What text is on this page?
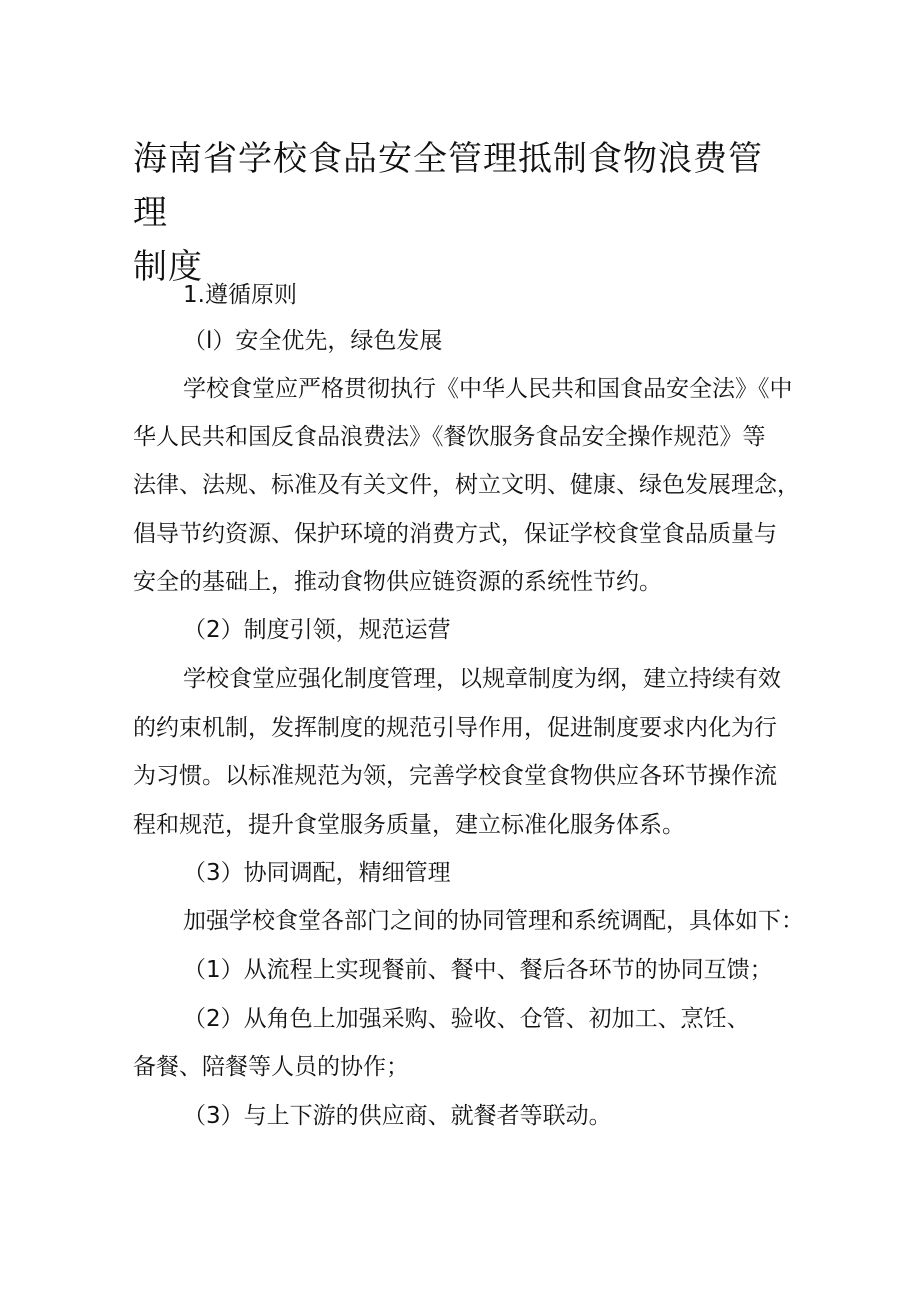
海南省学校食品安全管理抵制食物浪费管理
制度

1.遵循原则

（l）安全优先，绿色发展

学校食堂应严格贯彻执行《中华人民共和国食品安全法》《中

华人民共和国反食品浪费法》《餐饮服务食品安全操作规范》等

法律、法规、标准及有关文件，树立文明、健康、绿色发展理念，

倡导节约资源、保护环境的消费方式，保证学校食堂食品质量与

安全的基础上，推动食物供应链资源的系统性节约。

（2）制度引领，规范运营

学校食堂应强化制度管理，以规章制度为纲，建立持续有效

的约束机制，发挥制度的规范引导作用，促进制度要求内化为行

为习惯。以标准规范为领，完善学校食堂食物供应各环节操作流

程和规范，提升食堂服务质量，建立标准化服务体系。

（3）协同调配，精细管理

加强学校食堂各部门之间的协同管理和系统调配，具体如下：

（1）从流程上实现餐前、餐中、餐后各环节的协同互馈；

（2）从角色上加强采购、验收、仓管、初加工、烹饪、

备餐、陪餐等人员的协作；

（3）与上下游的供应商、就餐者等联动。
